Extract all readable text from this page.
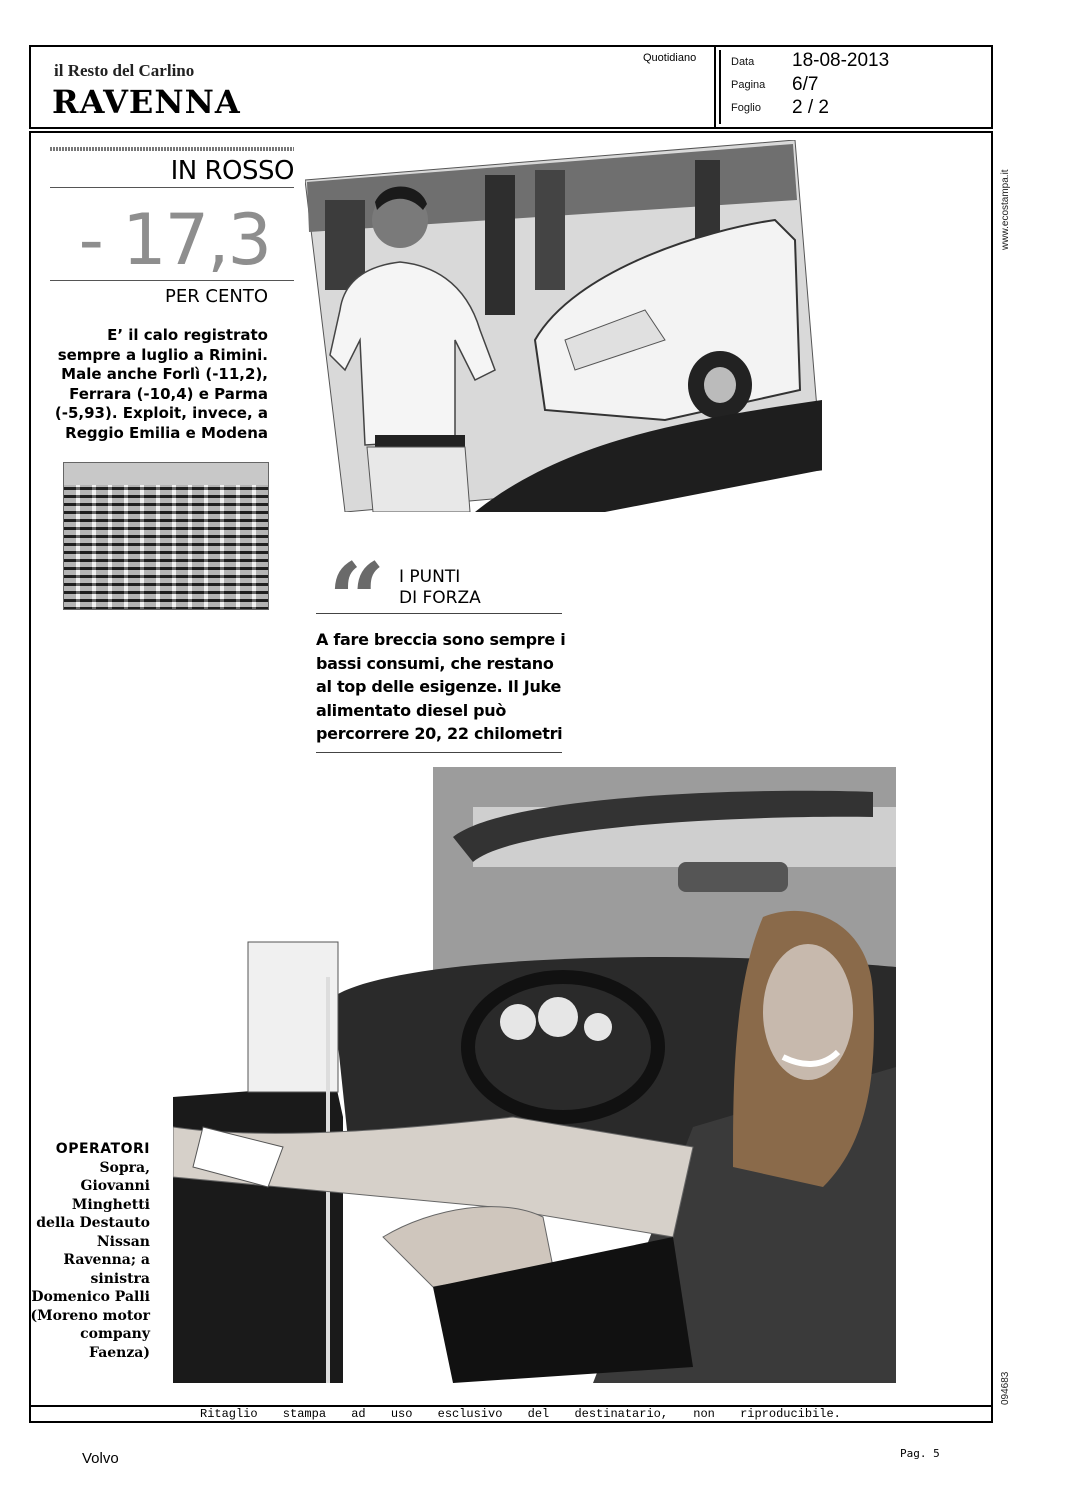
il Resto del Carlino
RAVENNA
Quotidiano	Data 18-08-2013
Pagina 6/7
Foglio 2 / 2
www.ecostampa.it
094683
IN ROSSO
- 17,3
PER CENTO
E’ il calo registrato sempre a luglio a Rimini. Male anche Forlì (-11,2), Ferrara (-10,4) e Parma (-5,93). Exploit, invece, a Reggio Emilia e Modena
“ I PUNTI
DI FORZA
A fare breccia sono sempre i bassi consumi, che restano al top delle esigenze. Il Juke alimentato diesel può percorrere 20, 22 chilometri
OPERATORI
Sopra, Giovanni Minghetti della Destauto Nissan Ravenna; a sinistra Domenico Palli (Moreno motor company Faenza)
Ritaglio stampa ad uso esclusivo del destinatario, non riproducibile.
Volvo	Pag. 5
